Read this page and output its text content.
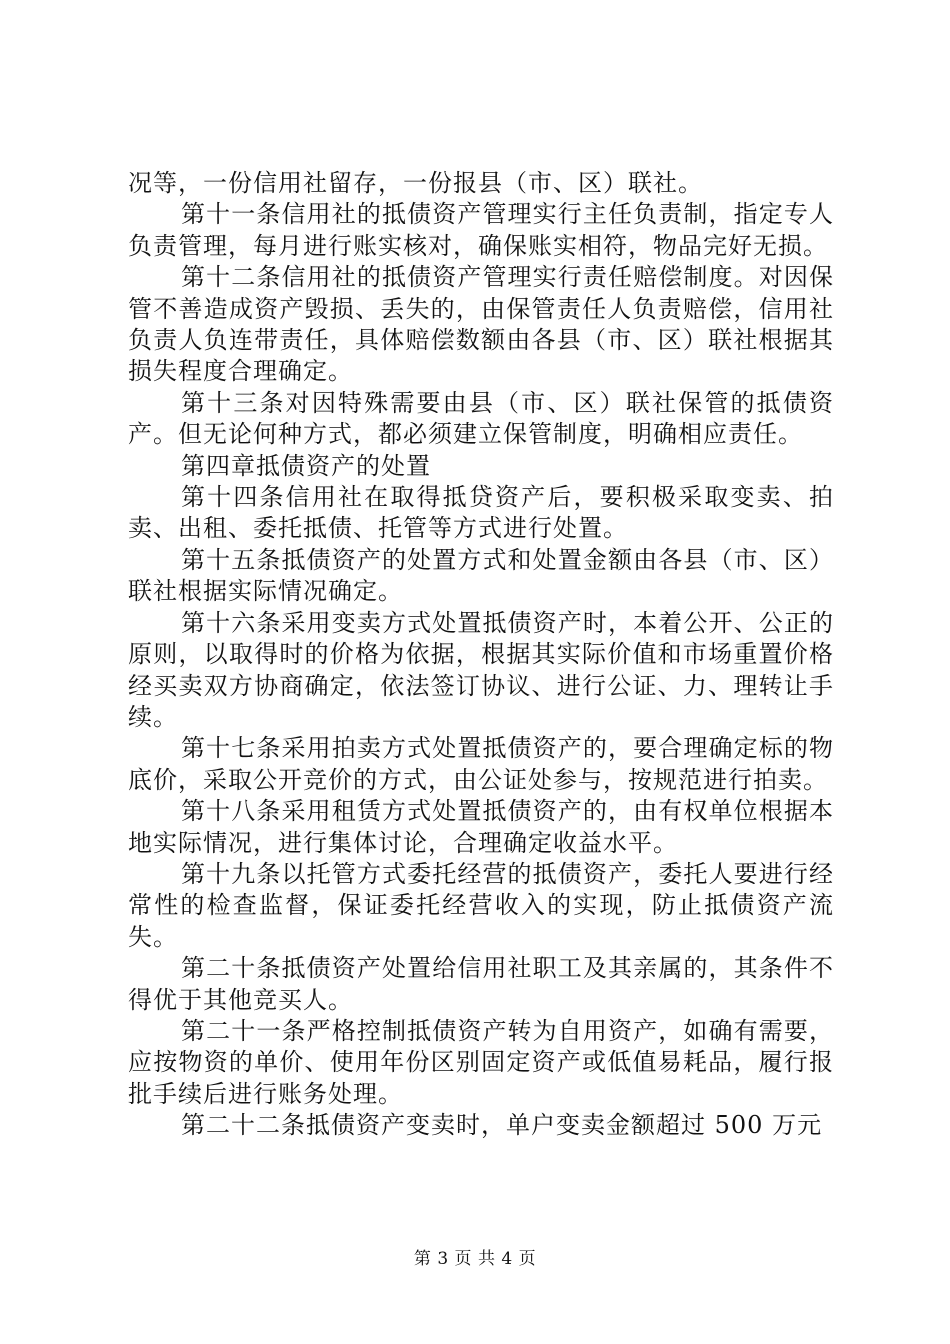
况等，一份信用社留存，一份报县（市、区）联社。

第十一条信用社的抵债资产管理实行主任负责制，指定专人负责管理，每月进行账实核对，确保账实相符，物品完好无损。

第十二条信用社的抵债资产管理实行责任赔偿制度。对因保管不善造成资产毁损、丢失的，由保管责任人负责赔偿，信用社负责人负连带责任，具体赔偿数额由各县（市、区）联社根据其损失程度合理确定。

第十三条对因特殊需要由县（市、区）联社保管的抵债资产。但无论何种方式，都必须建立保管制度，明确相应责任。

第四章抵债资产的处置

第十四条信用社在取得抵贷资产后，要积极采取变卖、拍卖、出租、委托抵债、托管等方式进行处置。

第十五条抵债资产的处置方式和处置金额由各县（市、区）联社根据实际情况确定。

第十六条采用变卖方式处置抵债资产时，本着公开、公正的原则，以取得时的价格为依据，根据其实际价值和市场重置价格经买卖双方协商确定，依法签订协议、进行公证、力、理转让手续。

第十七条采用拍卖方式处置抵债资产的，要合理确定标的物底价，采取公开竞价的方式，由公证处参与，按规范进行拍卖。

第十八条采用租赁方式处置抵债资产的，由有权单位根据本地实际情况，进行集体讨论，合理确定收益水平。

第十九条以托管方式委托经营的抵债资产，委托人要进行经常性的检查监督，保证委托经营收入的实现，防止抵债资产流失。

第二十条抵债资产处置给信用社职工及其亲属的，其条件不得优于其他竞买人。

第二十一条严格控制抵债资产转为自用资产，如确有需要，应按物资的单价、使用年份区别固定资产或低值易耗品，履行报批手续后进行账务处理。

第二十二条抵债资产变卖时，单户变卖金额超过 500 万元

第 3 页 共 4 页
